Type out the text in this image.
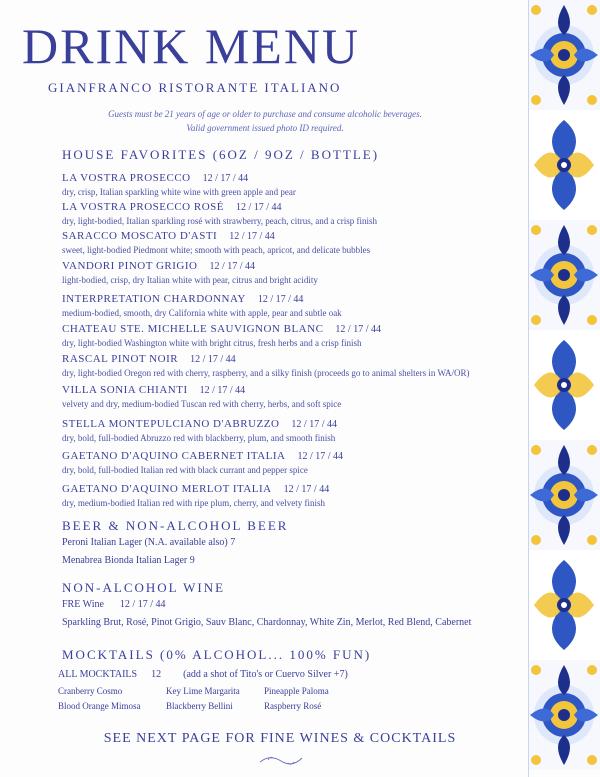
DRINK MENU
GIANFRANCO RISTORANTE ITALIANO
Guests must be 21 years of age or older to purchase and consume alcoholic beverages.
Valid government issued photo ID required.
HOUSE FAVORITES (6OZ / 9OZ / BOTTLE)
LA VOSTRA PROSECCO 12 / 17 / 44
dry, crisp, Italian sparkling white wine with green apple and pear
LA VOSTRA PROSECCO ROSÉ 12 / 17 / 44
dry, light-bodied, Italian sparkling rosé with strawberry, peach, citrus, and a crisp finish
SARACCO MOSCATO D'ASTI 12 / 17 / 44
sweet, light-bodied Piedmont white; smooth with peach, apricot, and delicate bubbles
VANDORI PINOT GRIGIO 12 / 17 / 44
light-bodied, crisp, dry Italian white with pear, citrus and bright acidity
INTERPRETATION CHARDONNAY 12 / 17 / 44
medium-bodied, smooth, dry California white with apple, pear and subtle oak
CHATEAU STE. MICHELLE SAUVIGNON BLANC 12 / 17 / 44
dry, light-bodied Washington white with bright citrus, fresh herbs and a crisp finish
RASCAL PINOT NOIR 12 / 17 / 44
dry, light-bodied Oregon red with cherry, raspberry, and a silky finish (proceeds go to animal shelters in WA/OR)
VILLA SONIA CHIANTI 12 / 17 / 44
velvety and dry, medium-bodied Tuscan red with cherry, herbs, and soft spice
STELLA MONTEPULCIANO D'ABRUZZO 12 / 17 / 44
dry, bold, full-bodied Abruzzo red with blackberry, plum, and smooth finish
GAETANO D'AQUINO CABERNET ITALIA 12 / 17 / 44
dry, bold, full-bodied Italian red with black currant and pepper spice
GAETANO D'AQUINO MERLOT ITALIA 12 / 17 / 44
dry, medium-bodied Italian red with ripe plum, cherry, and velvety finish
BEER & NON-ALCOHOL BEER
Peroni Italian Lager (N.A. available also) 7
Menabrea Bionda Italian Lager 9
NON-ALCOHOL WINE
FRE Wine 12 / 17 / 44
Sparkling Brut, Rosé, Pinot Grigio, Sauv Blanc, Chardonnay, White Zin, Merlot, Red Blend, Cabernet
MOCKTAILS (0% ALCOHOL... 100% FUN)
ALL MOCKTAILS 12 (add a shot of Tito's or Cuervo Silver +7)
Cranberry Cosmo	Key Lime Margarita	Pineapple Paloma
Blood Orange Mimosa	Blackberry Bellini	Raspberry Rosé
SEE NEXT PAGE FOR FINE WINES & COCKTAILS
